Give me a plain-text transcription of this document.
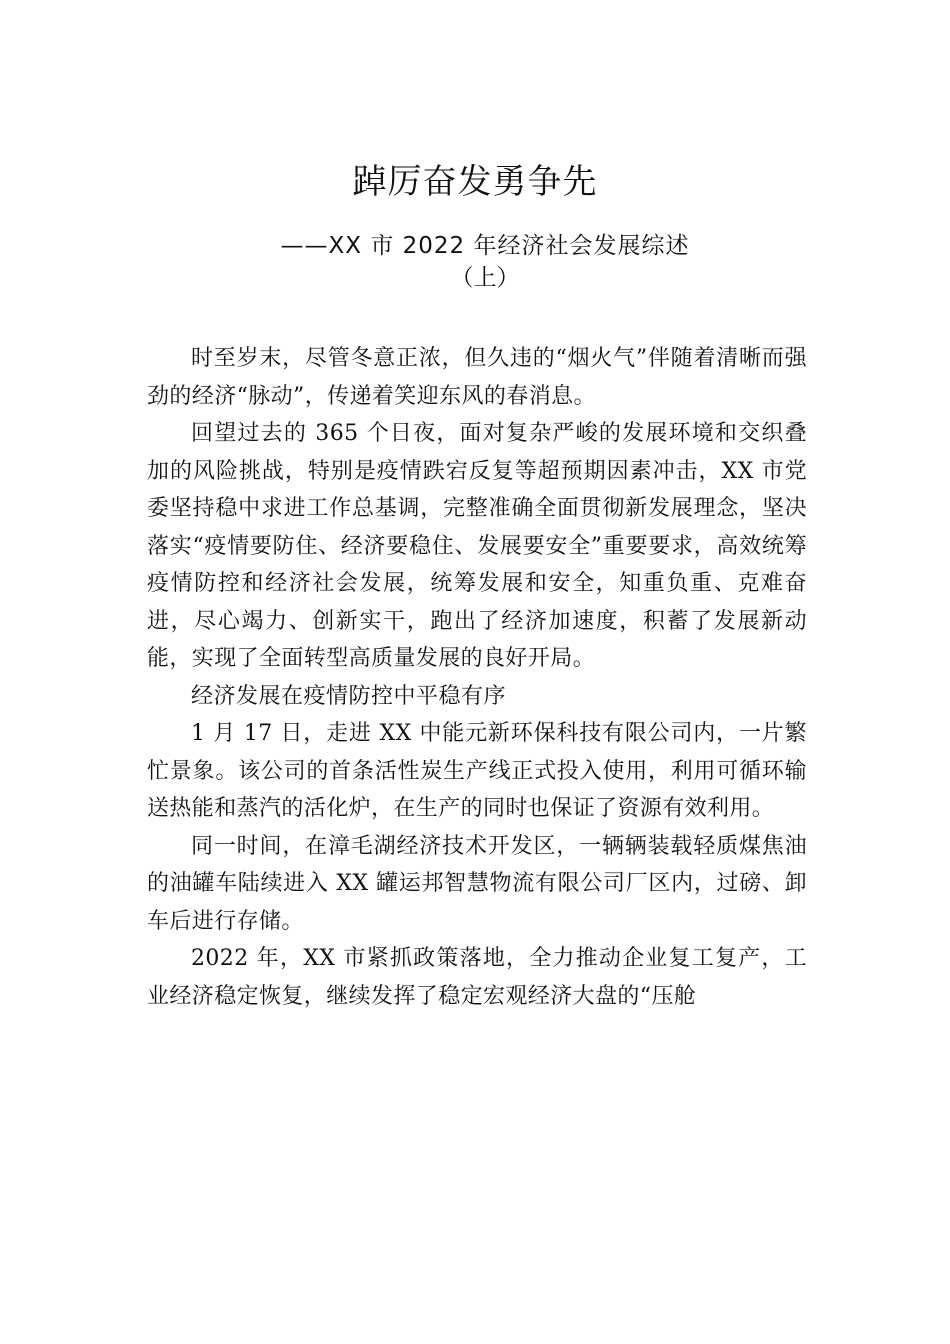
踔厉奋发勇争先
——XX 市 2022 年经济社会发展综述
（上）

时至岁末，尽管冬意正浓，但久违的“烟火气”伴随着清晰而强劲的经济“脉动”，传递着笑迎东风的春消息。

回望过去的 365 个日夜，面对复杂严峻的发展环境和交织叠加的风险挑战，特别是疫情跌宕反复等超预期因素冲击，XX 市党委坚持稳中求进工作总基调，完整准确全面贯彻新发展理念，坚决落实“疫情要防住、经济要稳住、发展要安全”重要要求，高效统筹疫情防控和经济社会发展，统筹发展和安全，知重负重、克难奋进，尽心竭力、创新实干，跑出了经济加速度，积蓄了发展新动能，实现了全面转型高质量发展的良好开局。

经济发展在疫情防控中平稳有序

1 月 17 日，走进 XX 中能元新环保科技有限公司内，一片繁忙景象。该公司的首条活性炭生产线正式投入使用，利用可循环输送热能和蒸汽的活化炉，在生产的同时也保证了资源有效利用。

同一时间，在漳毛湖经济技术开发区，一辆辆装载轻质煤焦油的油罐车陆续进入 XX 罐运邦智慧物流有限公司厂区内，过磅、卸车后进行存储。

2022 年，XX 市紧抓政策落地，全力推动企业复工复产，工业经济稳定恢复，继续发挥了稳定宏观经济大盘的“压舱
